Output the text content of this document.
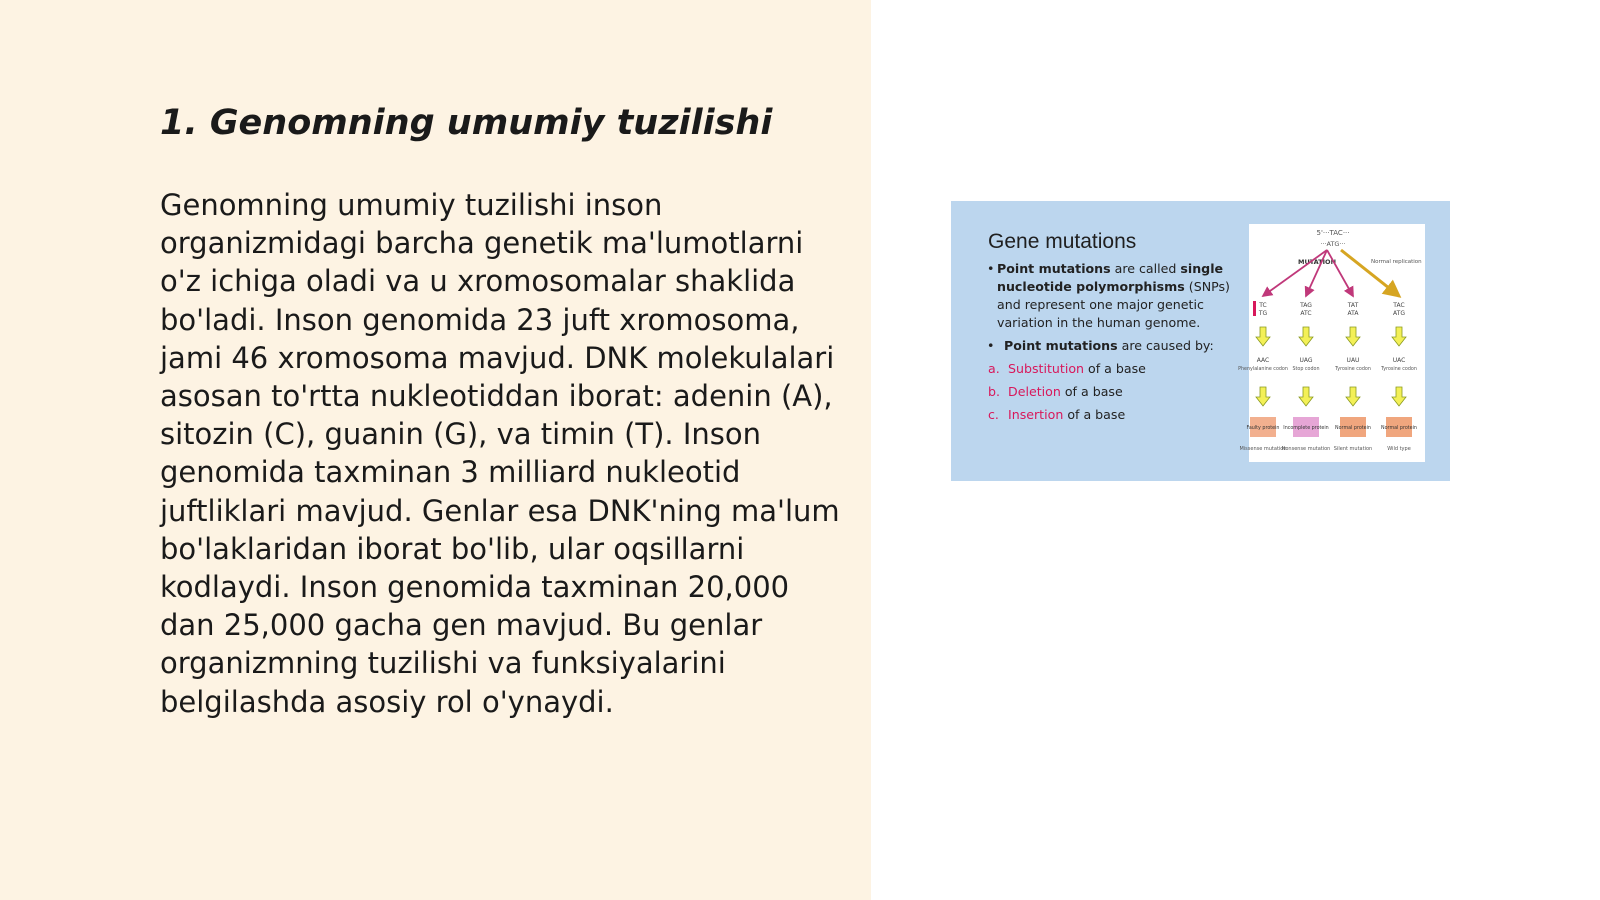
1. Genomning umumiy tuzilishi

Genomning umumiy tuzilishi inson organizmidagi barcha genetik ma'lumotlarni o'z ichiga oladi va u xromosomalar shaklida bo'ladi. Inson genomida 23 juft xromosoma, jami 46 xromosoma mavjud. DNK molekulalari asosan to'rtta nukleotiddan iborat: adenin (A), sitozin (C), guanin (G), va timin (T). Inson genomida taxminan 3 milliard nukleotid juftliklari mavjud. Genlar esa DNK'ning ma'lum bo'laklaridan iborat bo'lib, ular oqsillarni kodlaydi. Inson genomida taxminan 20,000 dan 25,000 gacha gen mavjud. Bu genlar organizmning tuzilishi va funksiyalarini belgilashda asosiy rol o'ynaydi.

Gene mutations
• Point mutations are called single nucleotide polymorphisms (SNPs) and represent one major genetic variation in the human genome.
• Point mutations are caused by:
a. Substitution of a base
b. Deletion of a base
c. Insertion of a base
5'···TAC···
···ATG···
MUTATION	Normal replication
TC
TG
AAC
Phenylalanine codon
Faulty protein
Missense mutation
TAG
ATC
UAG
Stop codon
Incomplete protein
Nonsense mutation
TAT
ATA
UAU
Tyrosine codon
Normal protein
Silent mutation
TAC
ATG
UAC
Tyrosine codon
Normal protein
Wild type
